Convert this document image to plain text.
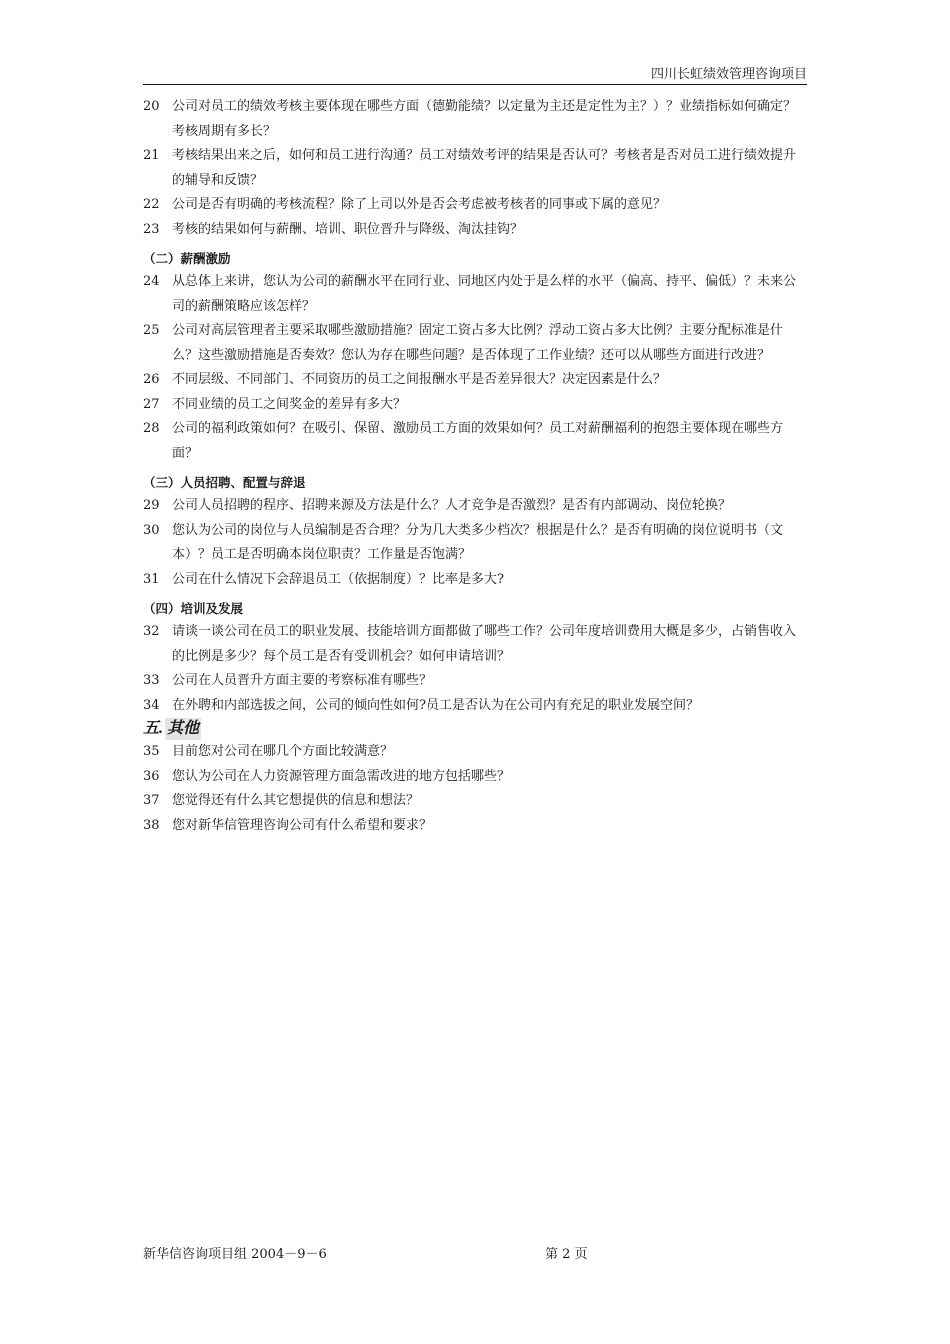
四川长虹绩效管理咨询项目
20 公司对员工的绩效考核主要体现在哪些方面（德勤能绩？以定量为主还是定性为主？）？业绩指标如何确定？考核周期有多长？
21 考核结果出来之后，如何和员工进行沟通？员工对绩效考评的结果是否认可？考核者是否对员工进行绩效提升的辅导和反馈？
22 公司是否有明确的考核流程？除了上司以外是否会考虑被考核者的同事或下属的意见？
23 考核的结果如何与薪酬、培训、职位晋升与降级、淘汰挂钩？
（二）薪酬激励
24 从总体上来讲，您认为公司的薪酬水平在同行业、同地区内处于是么样的水平（偏高、持平、偏低）？未来公司的薪酬策略应该怎样？
25 公司对高层管理者主要采取哪些激励措施？固定工资占多大比例？浮动工资占多大比例？主要分配标准是什么？这些激励措施是否奏效？您认为存在哪些问题？是否体现了工作业绩？还可以从哪些方面进行改进？
26 不同层级、不同部门、不同资历的员工之间报酬水平是否差异很大？决定因素是什么？
27 不同业绩的员工之间奖金的差异有多大？
28 公司的福利政策如何？在吸引、保留、激励员工方面的效果如何？员工对薪酬福利的抱怨主要体现在哪些方面？
（三）人员招聘、配置与辞退
29 公司人员招聘的程序、招聘来源及方法是什么？人才竞争是否激烈？是否有内部调动、岗位轮换？
30 您认为公司的岗位与人员编制是否合理？分为几大类多少档次？根据是什么？是否有明确的岗位说明书（文本）？员工是否明确本岗位职责？工作量是否饱满？
31 公司在什么情况下会辞退员工（依据制度）？比率是多大?
（四）培训及发展
32 请谈一谈公司在员工的职业发展、技能培训方面都做了哪些工作？公司年度培训费用大概是多少，占销售收入的比例是多少？每个员工是否有受训机会？如何申请培训？
33 公司在人员晋升方面主要的考察标准有哪些？
34 在外聘和内部选拔之间，公司的倾向性如何?员工是否认为在公司内有充足的职业发展空间？
五. 其他
35 目前您对公司在哪几个方面比较满意？
36 您认为公司在人力资源管理方面急需改进的地方包括哪些？
37 您觉得还有什么其它想提供的信息和想法？
38 您对新华信管理咨询公司有什么希望和要求？
新华信咨询项目组 2004－9－6	第 2 页
